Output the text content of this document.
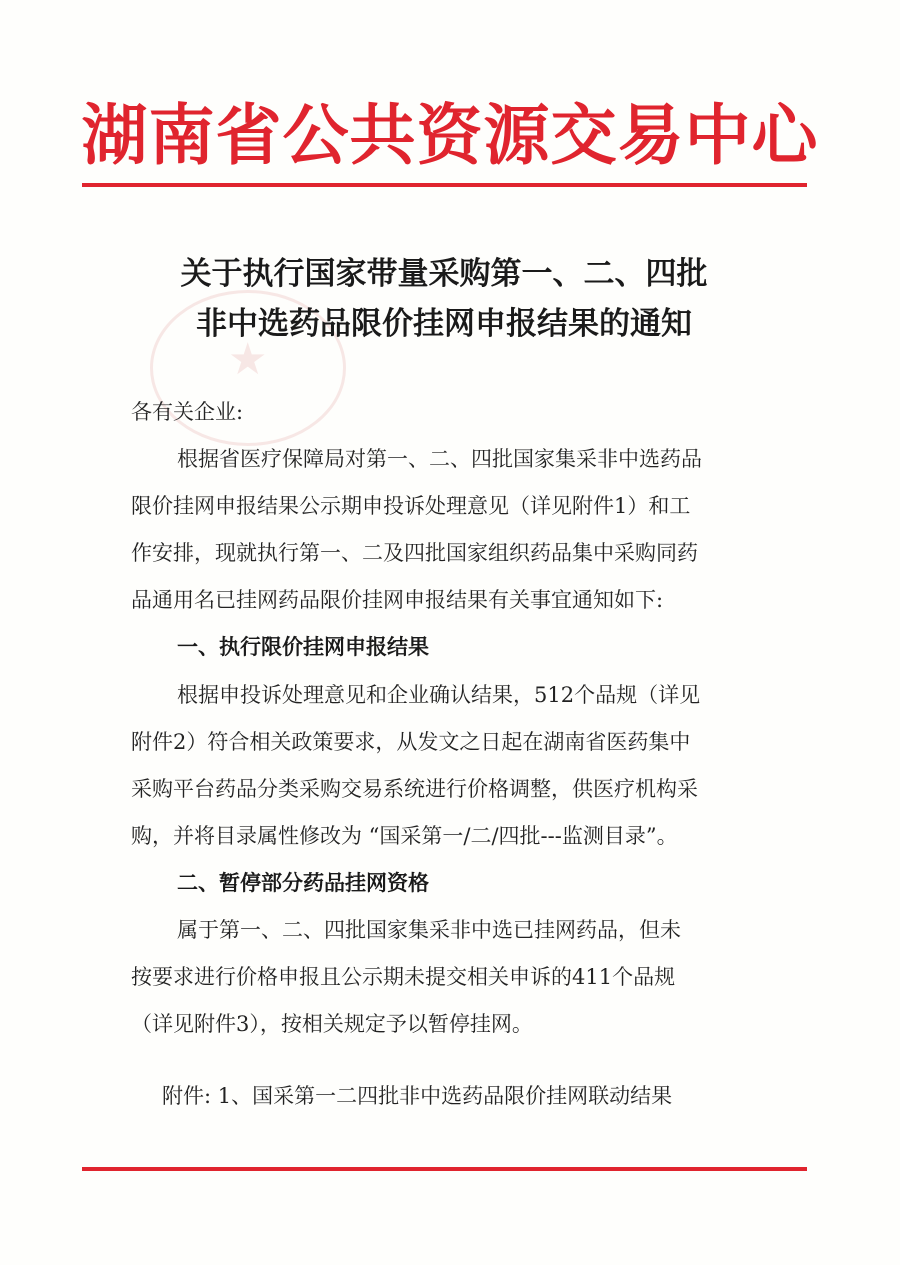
★
湖南省公共资源交易中心
关于执行国家带量采购第一、二、四批
非中选药品限价挂网申报结果的通知
各有关企业:
根据省医疗保障局对第一、二、四批国家集采非中选药品
限价挂网申报结果公示期申投诉处理意见（详见附件1）和工
作安排，现就执行第一、二及四批国家组织药品集中采购同药
品通用名已挂网药品限价挂网申报结果有关事宜通知如下:
一、执行限价挂网申报结果
根据申投诉处理意见和企业确认结果，512个品规（详见
附件2）符合相关政策要求，从发文之日起在湖南省医药集中
采购平台药品分类采购交易系统进行价格调整，供医疗机构采
购，并将目录属性修改为 “国采第一/二/四批---监测目录”。
二、暂停部分药品挂网资格
属于第一、二、四批国家集采非中选已挂网药品，但未
按要求进行价格申报且公示期未提交相关申诉的411个品规
（详见附件3），按相关规定予以暂停挂网。
附件: 1、国采第一二四批非中选药品限价挂网联动结果
